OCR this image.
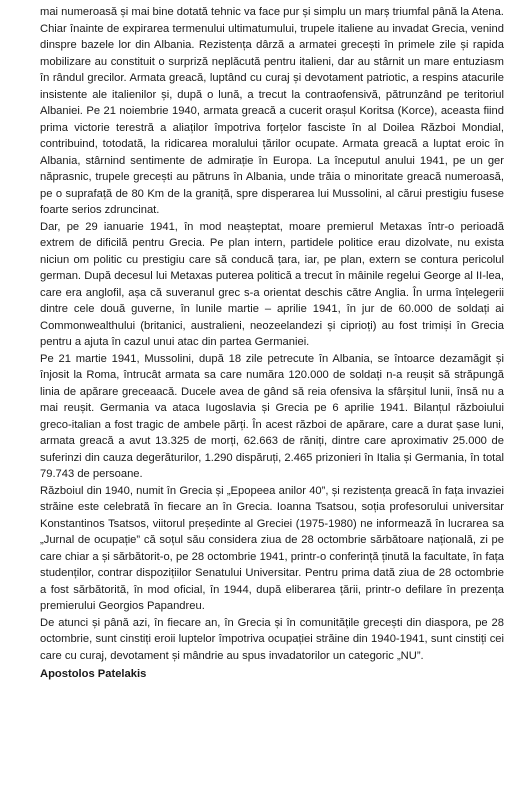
mai numeroasă și mai bine dotată tehnic va face pur și simplu un marș triumfal până la Atena.

Chiar înainte de expirarea termenului ultimatumului, trupele italiene au invadat Grecia, venind dinspre bazele lor din Albania. Rezistența dârză a armatei grecești în primele zile și rapida mobilizare au constituit o surpriză neplăcută pentru italieni, dar au stârnit un mare entuziasm în rândul grecilor. Armata greacă, luptând cu curaj și devotament patriotic, a respins atacurile insistente ale italienilor și, după o lună, a trecut la contraofensivă, pătrunzând pe teritoriul Albaniei. Pe 21 noiembrie 1940, armata greacă a cucerit orașul Koritsa (Korce), aceasta fiind prima victorie terestră a aliaților împotriva forțelor fasciste în al Doilea Război Mondial, contribuind, totodată, la ridicarea moralului țărilor ocupate. Armata greacă a luptat eroic în Albania, stârnind sentimente de admirație în Europa. La începutul anului 1941, pe un ger năprasnic, trupele grecești au pătruns în Albania, unde trăia o minoritate greacă numeroasă, pe o suprafață de 80 Km de la graniță, spre disperarea lui Mussolini, al cărui prestigiu fusese foarte serios zdruncinat.

Dar, pe 29 ianuarie 1941, în mod neașteptat, moare premierul Metaxas într-o perioadă extrem de dificilă pentru Grecia. Pe plan intern, partidele politice erau dizolvate, nu exista niciun om politic cu prestigiu care să conducă țara, iar, pe plan, extern se contura pericolul german. După decesul lui Metaxas puterea politică a trecut în mâinile regelui George al II-lea, care era anglofil, așa că suveranul grec s-a orientat deschis către Anglia. În urma înțelegerii dintre cele două guverne, în lunile martie – aprilie 1941, în jur de 60.000 de soldați ai Commonwealthului (britanici, australieni, neozeelandezi și ciprioți) au fost trimiși în Grecia pentru a ajuta în cazul unui atac din partea Germaniei.

Pe 21 martie 1941, Mussolini, după 18 zile petrecute în Albania, se întoarce dezamăgit și înjosit la Roma, întrucât armata sa care număra 120.000 de soldați n-a reușit să străpungă linia de apărare greceaacă. Ducele avea de gând să reia ofensiva la sfârșitul lunii, însă nu a mai reușit. Germania va ataca Iugoslavia și Grecia pe 6 aprilie 1941. Bilanțul războiului greco-italian a fost tragic de ambele părți. În acest război de apărare, care a durat șase luni, armata greacă a avut 13.325 de morți, 62.663 de răniți, dintre care aproximativ 25.000 de suferinzi din cauza degerăturilor, 1.290 dispăruți, 2.465 prizonieri în Italia și Germania, în total 79.743 de persoane.

Războiul din 1940, numit în Grecia și „Epopeea anilor 40”, și rezistența greacă în fața invaziei străine este celebrată în fiecare an în Grecia. Ioanna Tsatsou, soția profesorului universitar Konstantinos Tsatsos, viitorul președinte al Greciei (1975-1980) ne informează în lucrarea sa „Jurnal de ocupație” că soțul său considera ziua de 28 octombrie sărbătoare națională, zi pe care chiar a și sărbătorit-o, pe 28 octombrie 1941, printr-o conferință ținută la facultate, în fața studenților, contrar dispozițiilor Senatului Universitar. Pentru prima dată ziua de 28 octombrie a fost sărbătorită, în mod oficial, în 1944, după eliberarea țării, printr-o defilare în prezența premierului Georgios Papandreu.

De atunci și până azi, în fiecare an, în Grecia și în comunitățile grecești din diaspora, pe 28 octombrie, sunt cinstiți eroii luptelor împotriva ocupației străine din 1940-1941, sunt cinstiți cei care cu curaj, devotament și mândrie au spus invadatorilor un categoric „NU”.

Apostolos Patelakis
